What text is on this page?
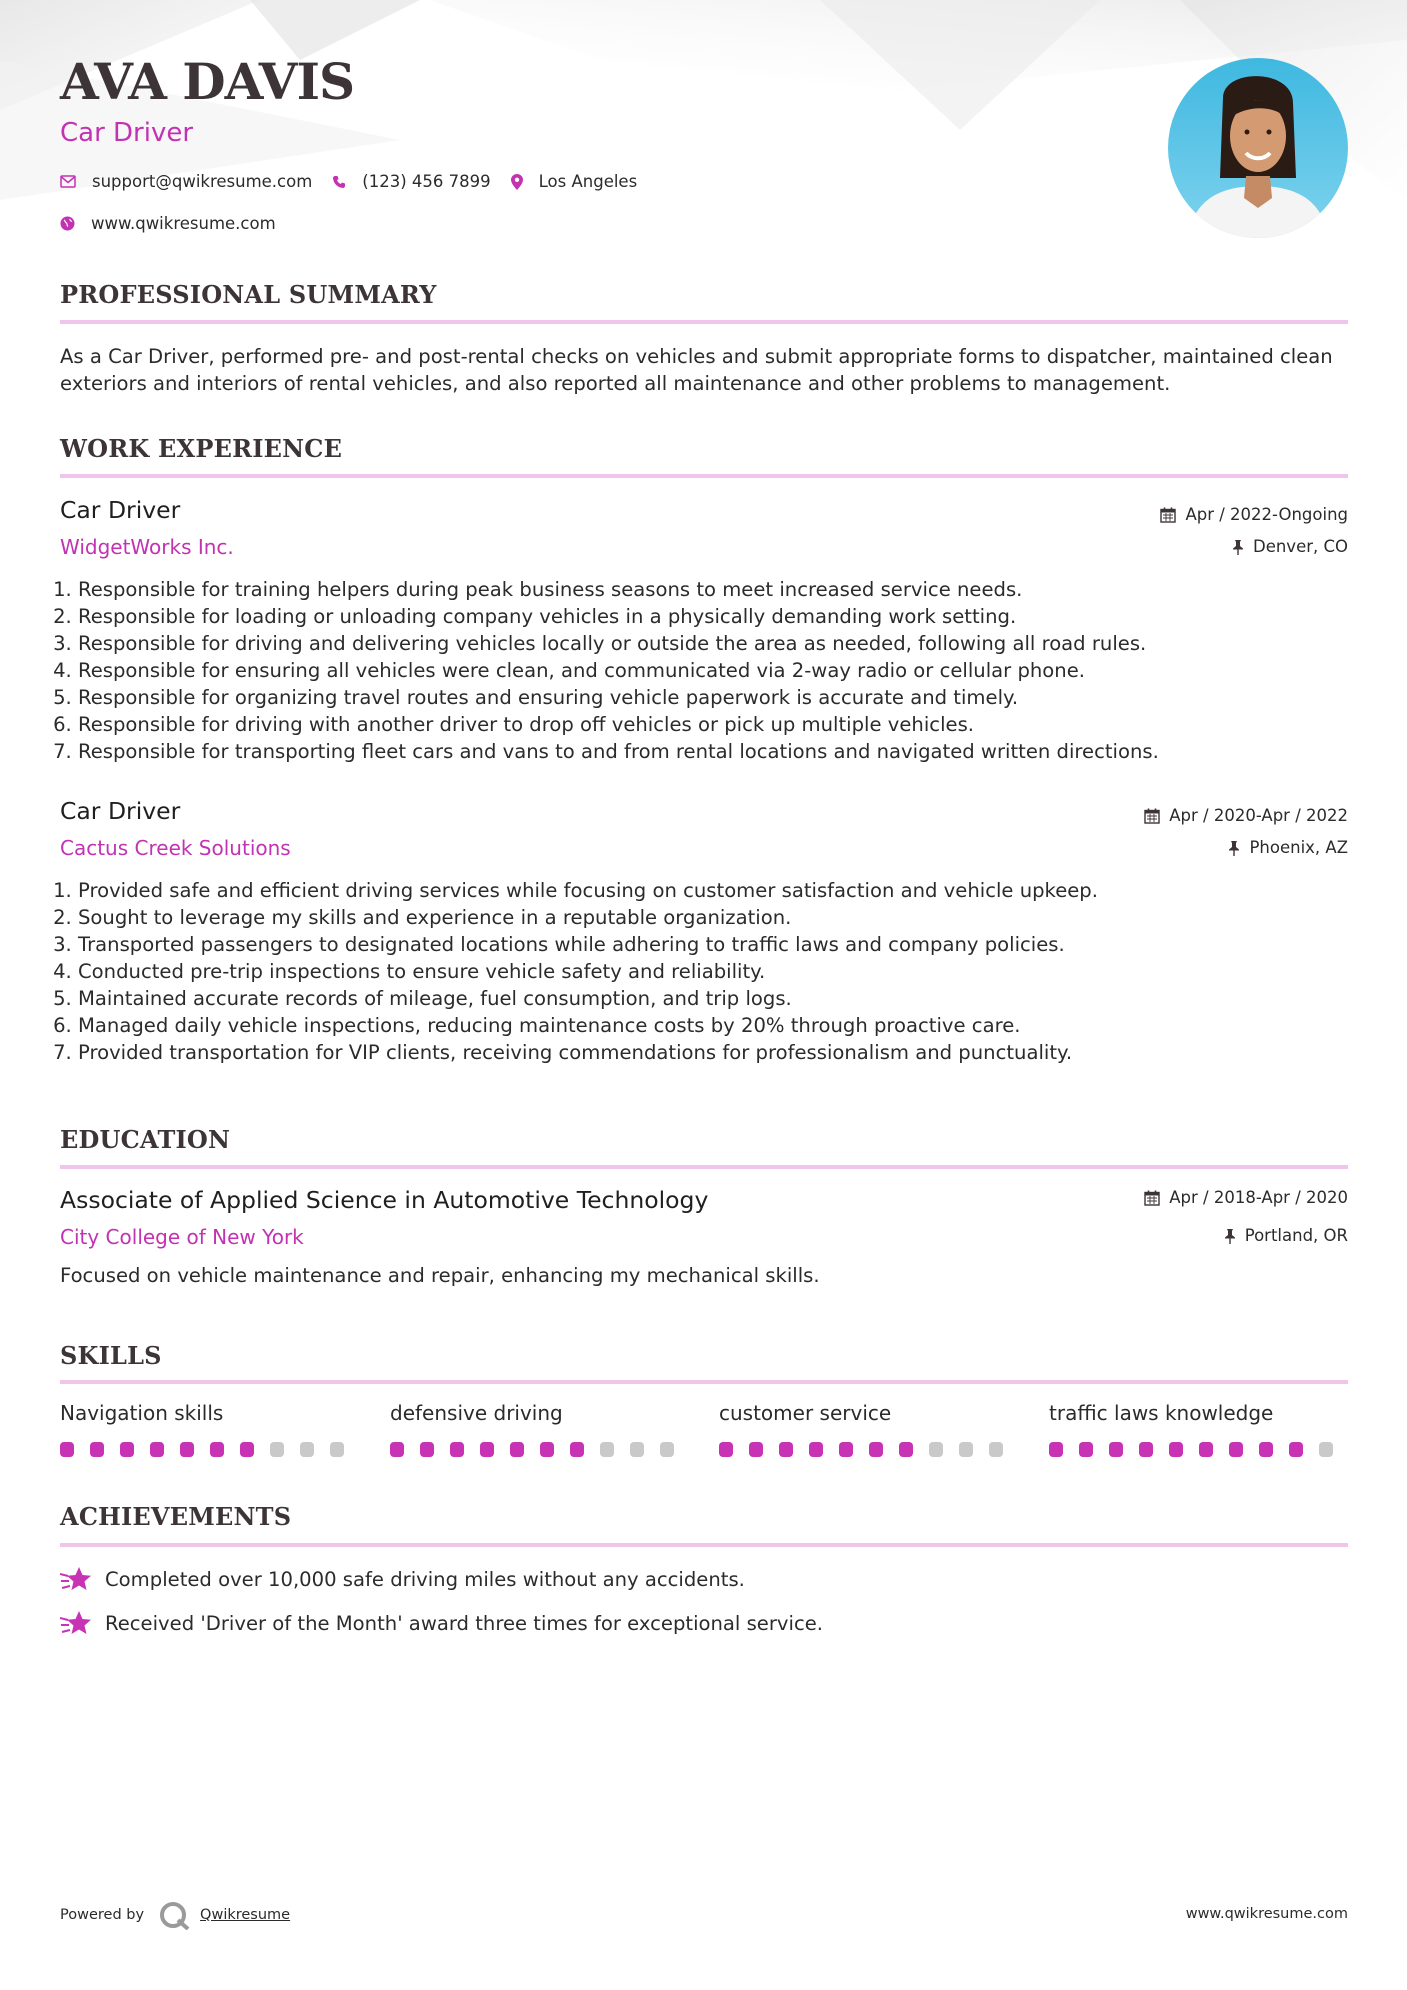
AVA DAVIS
Car Driver
support@qwikresume.com	(123) 456 7899	Los Angeles
www.qwikresume.com
PROFESSIONAL SUMMARY
As a Car Driver, performed pre- and post-rental checks on vehicles and submit appropriate forms to dispatcher, maintained clean exteriors and interiors of rental vehicles, and also reported all maintenance and other problems to management.
WORK EXPERIENCE
Car Driver
WidgetWorks Inc.
Apr / 2022-Ongoing
Denver, CO
1. Responsible for training helpers during peak business seasons to meet increased service needs.
2. Responsible for loading or unloading company vehicles in a physically demanding work setting.
3. Responsible for driving and delivering vehicles locally or outside the area as needed, following all road rules.
4. Responsible for ensuring all vehicles were clean, and communicated via 2-way radio or cellular phone.
5. Responsible for organizing travel routes and ensuring vehicle paperwork is accurate and timely.
6. Responsible for driving with another driver to drop off vehicles or pick up multiple vehicles.
7. Responsible for transporting fleet cars and vans to and from rental locations and navigated written directions.
Car Driver
Cactus Creek Solutions
Apr / 2020-Apr / 2022
Phoenix, AZ
1. Provided safe and efficient driving services while focusing on customer satisfaction and vehicle upkeep.
2. Sought to leverage my skills and experience in a reputable organization.
3. Transported passengers to designated locations while adhering to traffic laws and company policies.
4. Conducted pre-trip inspections to ensure vehicle safety and reliability.
5. Maintained accurate records of mileage, fuel consumption, and trip logs.
6. Managed daily vehicle inspections, reducing maintenance costs by 20% through proactive care.
7. Provided transportation for VIP clients, receiving commendations for professionalism and punctuality.
EDUCATION
Associate of Applied Science in Automotive Technology
City College of New York
Apr / 2018-Apr / 2020
Portland, OR
Focused on vehicle maintenance and repair, enhancing my mechanical skills.
SKILLS
Navigation skills	defensive driving	customer service	traffic laws knowledge
ACHIEVEMENTS
Completed over 10,000 safe driving miles without any accidents.
Received 'Driver of the Month' award three times for exceptional service.
Powered by	Qwikresume	www.qwikresume.com
